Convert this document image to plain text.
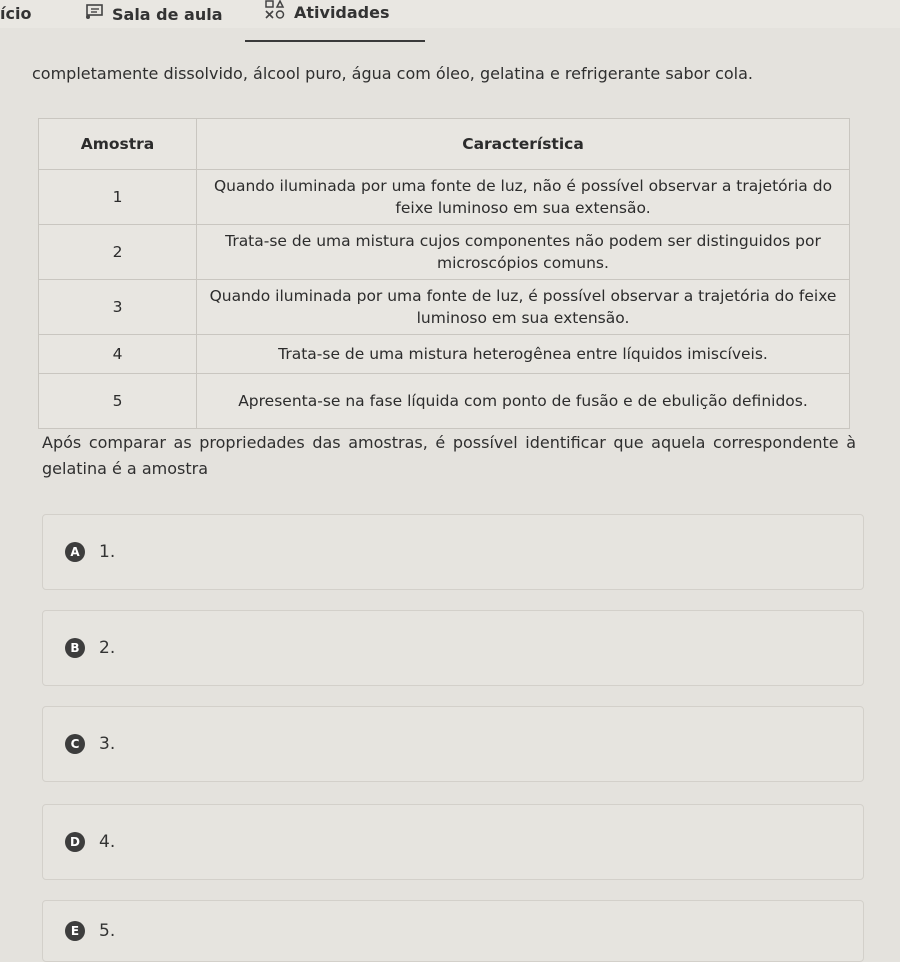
ício	Sala de aula	Atividades
completamente dissolvido, álcool puro, água com óleo, gelatina e refrigerante sabor cola.
Amostra	Característica
1	Quando iluminada por uma fonte de luz, não é possível observar a trajetória do feixe luminoso em sua extensão.
2	Trata-se de uma mistura cujos componentes não podem ser distinguidos por microscópios comuns.
3	Quando iluminada por uma fonte de luz, é possível observar a trajetória do feixe luminoso em sua extensão.
4	Trata-se de uma mistura heterogênea entre líquidos imiscíveis.
5	Apresenta-se na fase líquida com ponto de fusão e de ebulição definidos.
Após comparar as propriedades das amostras, é possível identificar que aquela correspondente à gelatina é a amostra
A	1.
B	2.
C	3.
D 4.
E	5.
